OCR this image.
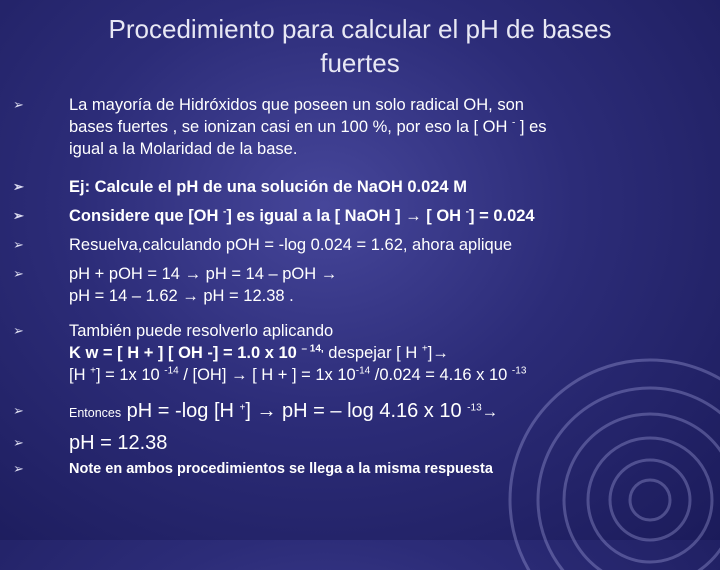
Procedimiento para calcular el pH de bases
fuertes
➢	La mayoría de Hidróxidos que poseen un solo radical OH, son
bases fuertes , se ionizan casi en un 100 %, por eso la [ OH - ] es
igual a la Molaridad de la base.
➢	Ej: Calcule el pH de una solución de NaOH 0.024 M
➢	Considere que [OH -] es igual a la [ NaOH ] → [ OH -] = 0.024
➢	Resuelva,calculando pOH = -log 0.024 = 1.62, ahora aplique
➢	pH + pOH = 14 → pH = 14 – pOH →
pH = 14 – 1.62 → pH = 12.38 .
➢	También puede resolverlo aplicando
K w = [ H + ] [ OH -] = 1.0 x 10 $^{- 14,}$ despejar [ H +]→
[H +] = 1x 10 $^{-14}$ / [OH] → [ H + ] = 1x $10^{-14}$ /0.024 = 4.16 x 10 $^{-13}$
➢	Entonces pH = -log [H +] → pH = – log 4.16 x 10 $^{-13}$→
➢ pH = 12.38
➢	Note en ambos procedimientos se llega a la misma respuesta
